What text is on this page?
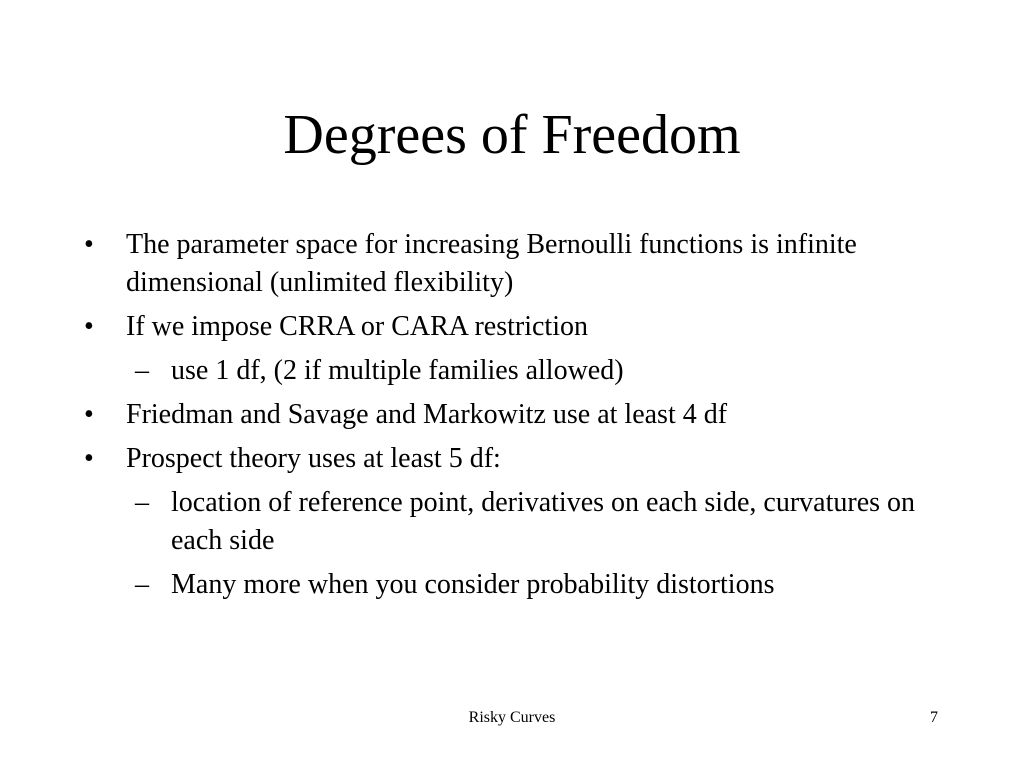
Degrees of Freedom
• The parameter space for increasing Bernoulli functions is infinite dimensional (unlimited flexibility)
• If we impose CRRA or CARA restriction
– use 1 df, (2 if multiple families allowed)
• Friedman and Savage and Markowitz use at least 4 df
• Prospect theory uses at least 5 df:
– location of reference point, derivatives on each side, curvatures on each side
– Many more when you consider probability distortions
Risky Curves	7
